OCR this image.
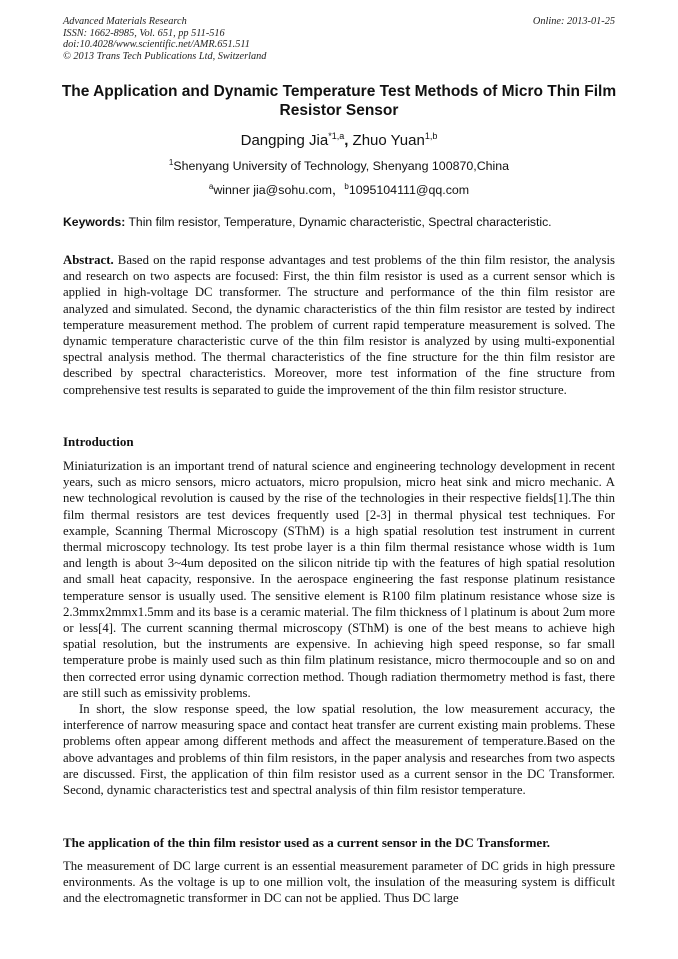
Advanced Materials Research
ISSN: 1662-8985, Vol. 651, pp 511-516
doi:10.4028/www.scientific.net/AMR.651.511
© 2013 Trans Tech Publications Ltd, Switzerland
Online: 2013-01-25
The Application and Dynamic Temperature Test Methods of Micro Thin Film Resistor Sensor
Dangping Jia$^{*1,a}$, Zhuo Yuan$^{1,b}$
$^1$Shenyang University of Technology, Shenyang 100870,China
$^a$winner jia@sohu.com，$^b$1095104111@qq.com
Keywords: Thin film resistor, Temperature, Dynamic characteristic, Spectral characteristic.

Abstract. Based on the rapid response advantages and test problems of the thin film resistor, the analysis and research on two aspects are focused: First, the thin film resistor is used as a current sensor which is applied in high-voltage DC transformer. The structure and performance of the thin film resistor are analyzed and simulated. Second, the dynamic characteristics of the thin film resistor are tested by indirect temperature measurement method. The problem of current rapid temperature measurement is solved. The dynamic temperature characteristic curve of the thin film resistor is analyzed by using multi-exponential spectral analysis method. The thermal characteristics of the fine structure for the thin film resistor are described by spectral characteristics. Moreover, more test information of the fine structure from comprehensive test results is separated to guide the improvement of the thin film resistor structure.

Introduction

Miniaturization is an important trend of natural science and engineering technology development in recent years, such as micro sensors, micro actuators, micro propulsion, micro heat sink and micro mechanic. A new technological revolution is caused by the rise of the technologies in their respective fields[1].The thin film thermal resistors are test devices frequently used [2-3] in thermal physical test techniques. For example, Scanning Thermal Microscopy (SThM) is a high spatial resolution test instrument in current thermal microscopy technology. Its test probe layer is a thin film thermal resistance whose width is 1um and length is about 3~4um deposited on the silicon nitride tip with the features of high spatial resolution and small heat capacity, responsive. In the aerospace engineering the fast response platinum resistance temperature sensor is usually used. The sensitive element is R100 film platinum resistance whose size is 2.3mmx2mmx1.5mm and its base is a ceramic material. The film thickness of l platinum is about 2um more or less[4]. The current scanning thermal microscopy (SThM) is one of the best means to achieve high spatial resolution, but the instruments are expensive. In achieving high speed response, so far small temperature probe is mainly used such as thin film platinum resistance, micro thermocouple and so on and then corrected error using dynamic correction method. Though radiation thermometry method is fast, there are still such as emissivity problems.

In short, the slow response speed, the low spatial resolution, the low measurement accuracy, the interference of narrow measuring space and contact heat transfer are current existing main problems. These problems often appear among different methods and affect the measurement of temperature.Based on the above advantages and problems of thin film resistors, in the paper analysis and researches from two aspects are discussed. First, the application of thin film resistor used as a current sensor in the DC Transformer. Second, dynamic characteristics test and spectral analysis of thin film resistor temperature.

The application of the thin film resistor used as a current sensor in the DC Transformer.

The measurement of DC large current is an essential measurement parameter of DC grids in high pressure environments. As the voltage is up to one million volt, the insulation of the measuring system is difficult and the electromagnetic transformer in DC can not be applied. Thus DC large
